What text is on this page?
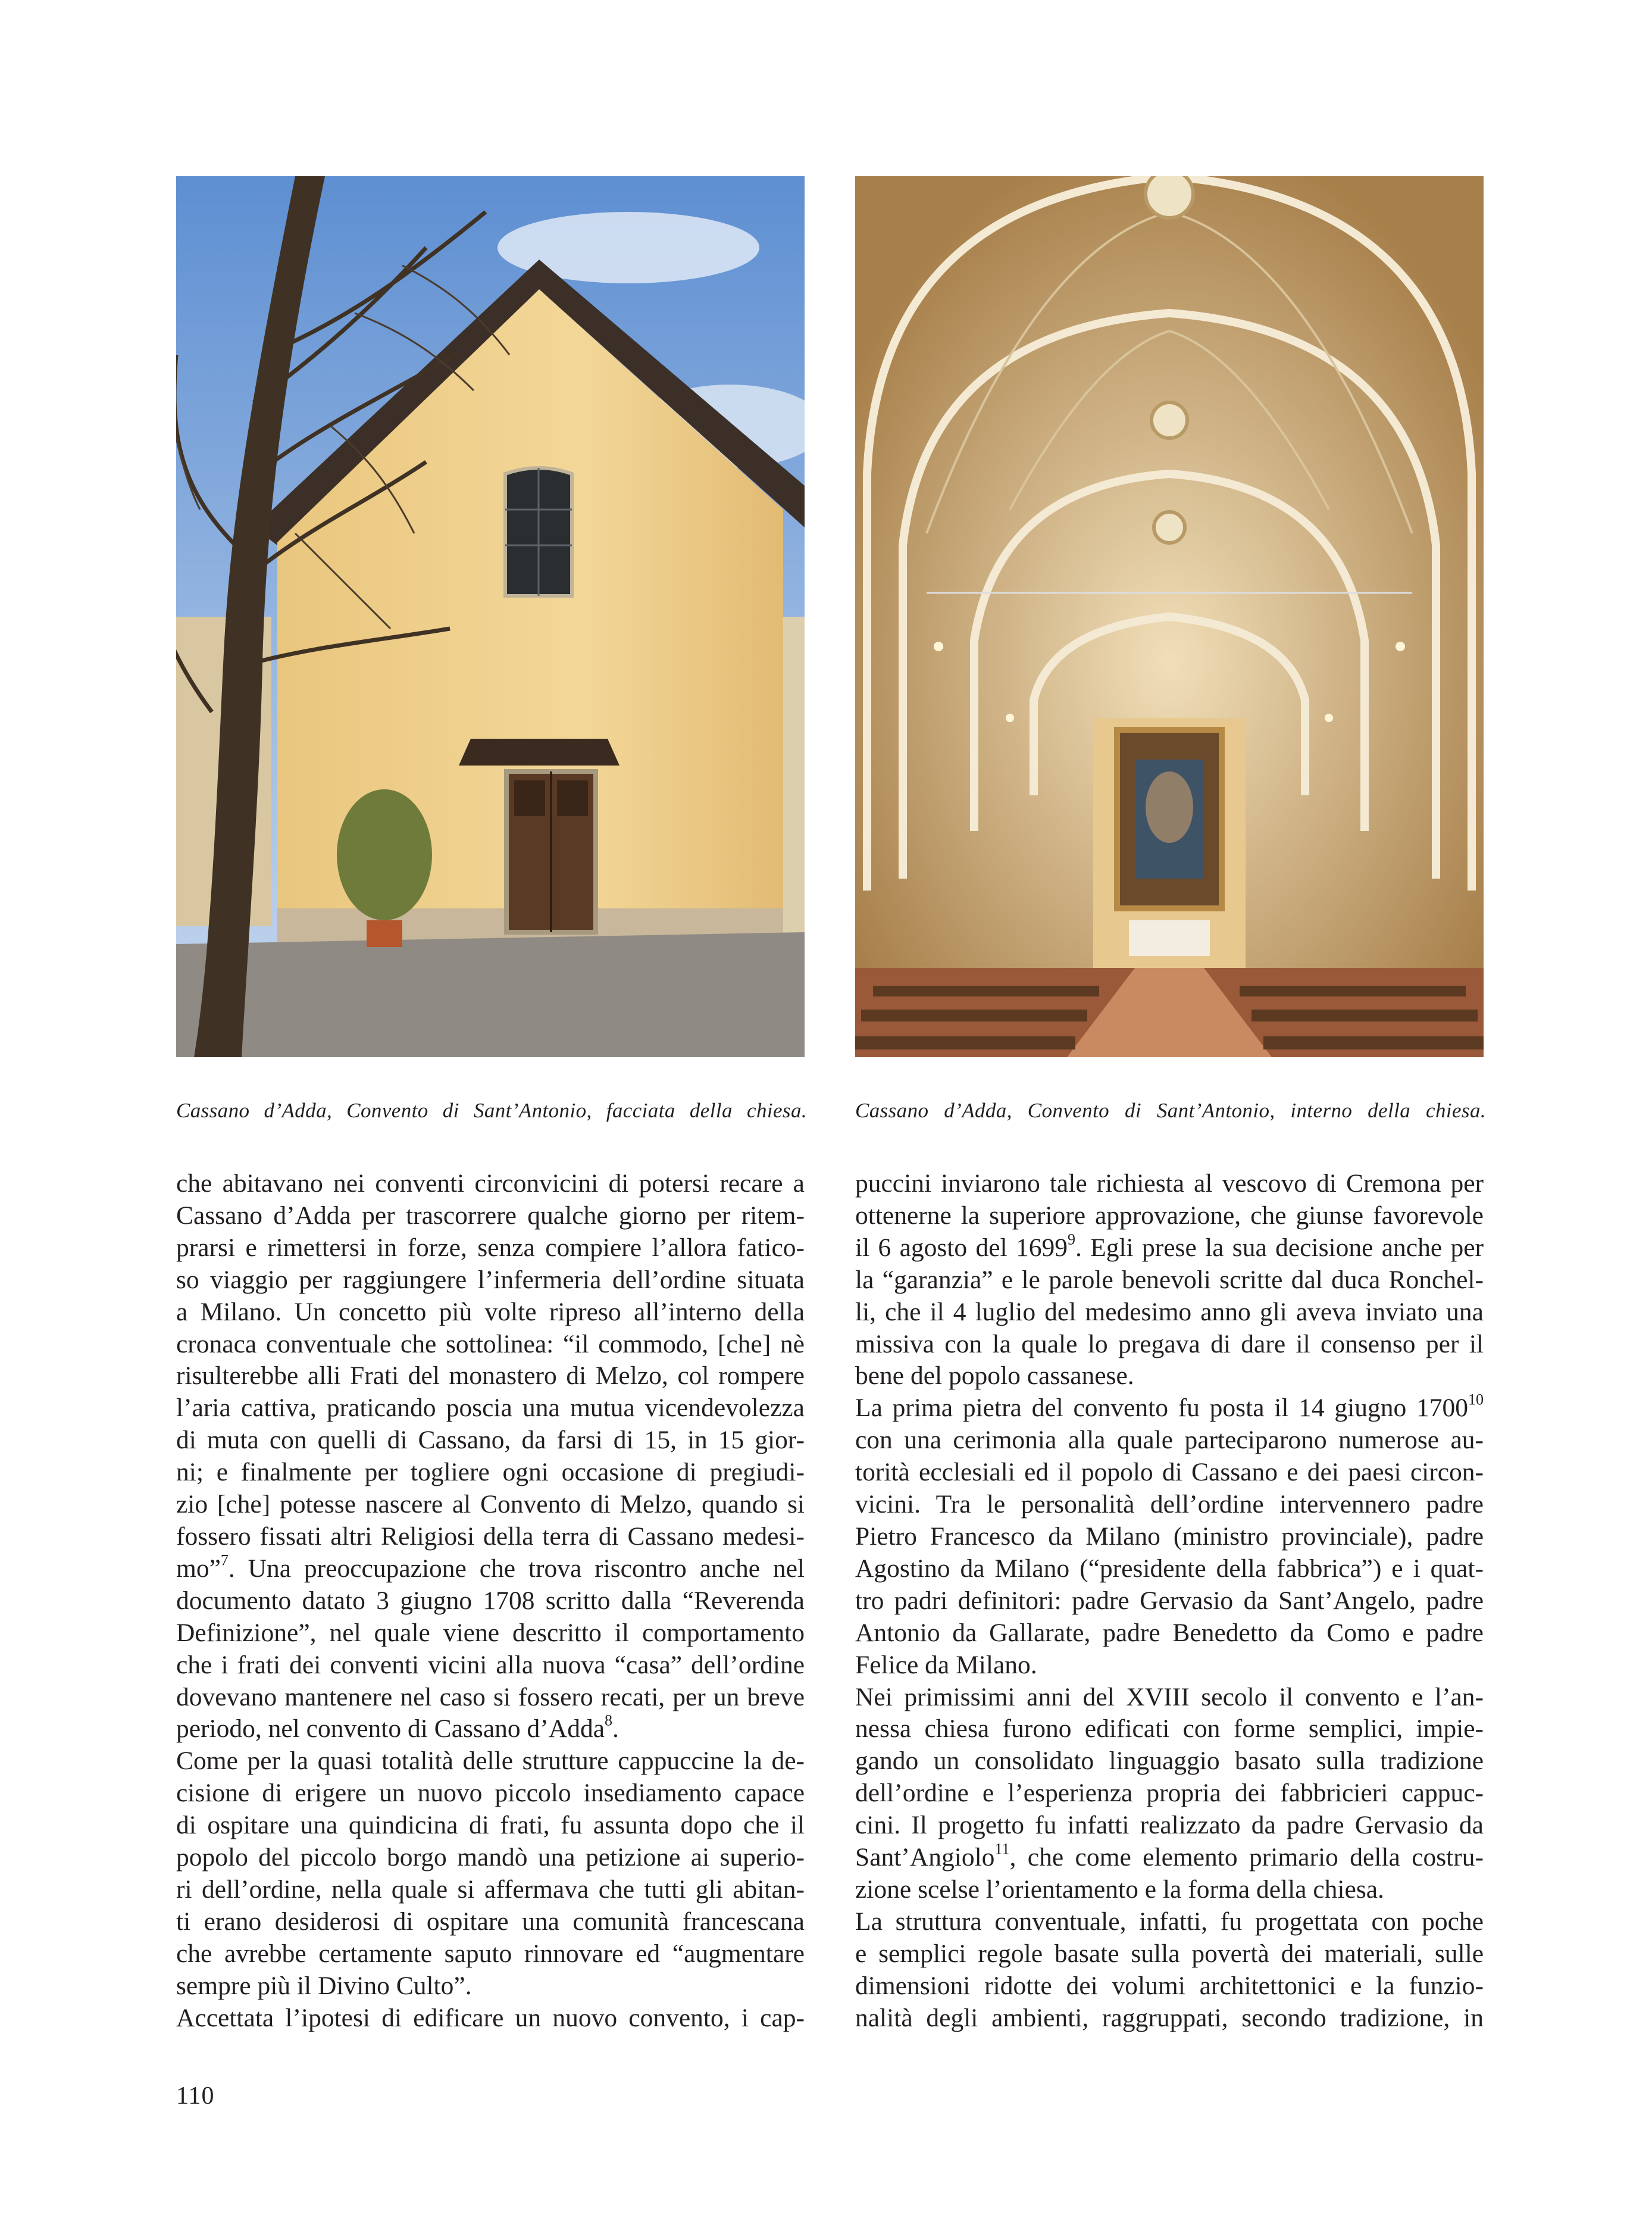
Cassano d’Adda, Convento di Sant’Antonio, facciata della chiesa. Cassano d’Adda, Convento di Sant’Antonio, interno della chiesa.

che abitavano nei conventi circonvicini di potersi recare a

Cassano d’Adda per trascorrere qualche giorno per ritem-

prarsi e rimettersi in forze, senza compiere l’allora fatico-

so viaggio per raggiungere l’infermeria dell’ordine situata

a Milano. Un concetto più volte ripreso all’interno della

cronaca conventuale che sottolinea: “il commodo, [che] nè

risulterebbe alli Frati del monastero di Melzo, col rompere

l’aria cattiva, praticando poscia una mutua vicendevolezza

di muta con quelli di Cassano, da farsi di 15, in 15 gior-

ni; e finalmente per togliere ogni occasione di pregiudi-

zio [che] potesse nascere al Convento di Melzo, quando si

fossero fissati altri Religiosi della terra di Cassano medesi-

mo”$^7$. Una preoccupazione che trova riscontro anche nel

documento datato 3 giugno 1708 scritto dalla “Reverenda

Definizione”, nel quale viene descritto il comportamento

che i frati dei conventi vicini alla nuova “casa” dell’ordine

dovevano mantenere nel caso si fossero recati, per un breve

periodo, nel convento di Cassano d’Adda$^8$.

Come per la quasi totalità delle strutture cappuccine la de-

cisione di erigere un nuovo piccolo insediamento capace

di ospitare una quindicina di frati, fu assunta dopo che il

popolo del piccolo borgo mandò una petizione ai superio-

ri dell’ordine, nella quale si affermava che tutti gli abitan-

ti erano desiderosi di ospitare una comunità francescana

che avrebbe certamente saputo rinnovare ed “augmentare

sempre più il Divino Culto”.

Accettata l’ipotesi di edificare un nuovo convento, i cap-

puccini inviarono tale richiesta al vescovo di Cremona per

ottenerne la superiore approvazione, che giunse favorevole

il 6 agosto del 1699$^9$. Egli prese la sua decisione anche per

la “garanzia” e le parole benevoli scritte dal duca Ronchel-

li, che il 4 luglio del medesimo anno gli aveva inviato una

missiva con la quale lo pregava di dare il consenso per il

bene del popolo cassanese.

La prima pietra del convento fu posta il 14 giugno 1700$^{10}$

con una cerimonia alla quale parteciparono numerose au-

torità ecclesiali ed il popolo di Cassano e dei paesi circon-

vicini. Tra le personalità dell’ordine intervennero padre

Pietro Francesco da Milano (ministro provinciale), padre

Agostino da Milano (“presidente della fabbrica”) e i quat-

tro padri definitori: padre Gervasio da Sant’Angelo, padre

Antonio da Gallarate, padre Benedetto da Como e padre

Felice da Milano.

Nei primissimi anni del XVIII secolo il convento e l’an-

nessa chiesa furono edificati con forme semplici, impie-

gando un consolidato linguaggio basato sulla tradizione

dell’ordine e l’esperienza propria dei fabbricieri cappuc-

cini. Il progetto fu infatti realizzato da padre Gervasio da

Sant’Angiolo$^{11}$, che come elemento primario della costru-

zione scelse l’orientamento e la forma della chiesa.

La struttura conventuale, infatti, fu progettata con poche

e semplici regole basate sulla povertà dei materiali, sulle

dimensioni ridotte dei volumi architettonici e la funzio-

nalità degli ambienti, raggruppati, secondo tradizione, in

110
